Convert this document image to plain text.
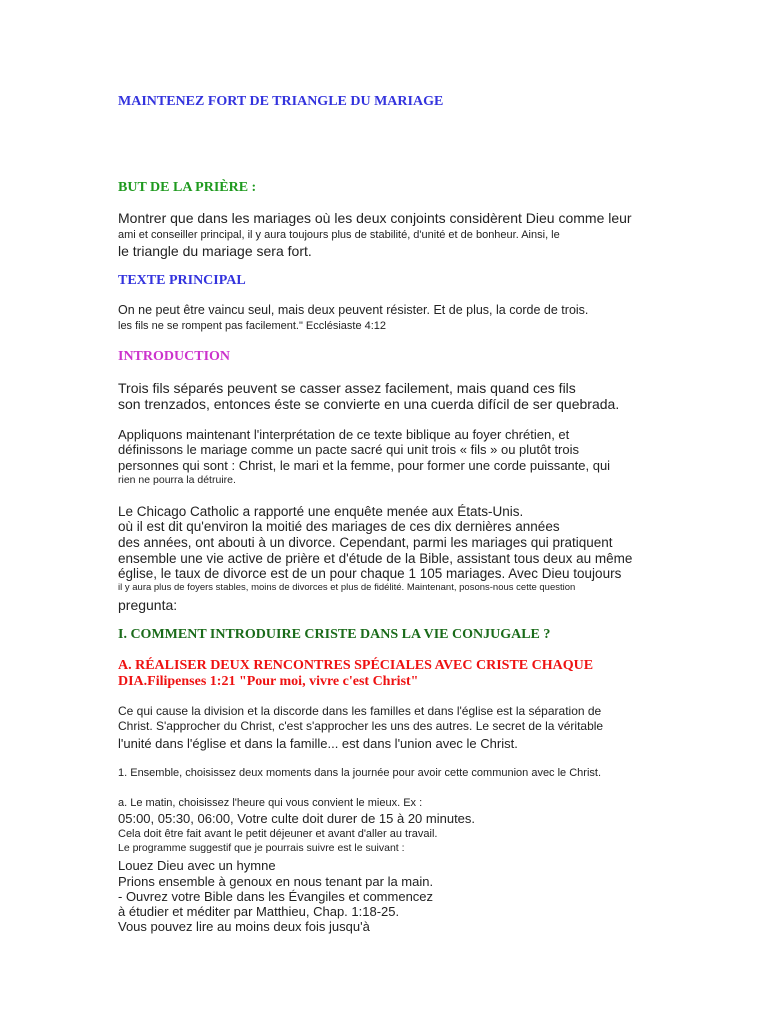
MAINTENEZ FORT DE TRIANGLE DU MARIAGE

BUT DE LA PRIÈRE :

Montrer que dans les mariages où les deux conjoints considèrent Dieu comme leur

ami et conseiller principal, il y aura toujours plus de stabilité, d'unité et de bonheur. Ainsi, le

le triangle du mariage sera fort.

TEXTE PRINCIPAL

On ne peut être vaincu seul, mais deux peuvent résister. Et de plus, la corde de trois.

les fils ne se rompent pas facilement." Ecclésiaste 4:12

INTRODUCTION

Trois fils séparés peuvent se casser assez facilement, mais quand ces fils

son trenzados, entonces éste se convierte en una cuerda difícil de ser quebrada.

Appliquons maintenant l'interprétation de ce texte biblique au foyer chrétien, et

définissons le mariage comme un pacte sacré qui unit trois « fils » ou plutôt trois

personnes qui sont : Christ, le mari et la femme, pour former une corde puissante, qui

rien ne pourra la détruire.

Le Chicago Catholic a rapporté une enquête menée aux États-Unis.

où il est dit qu'environ la moitié des mariages de ces dix dernières années

des années, ont abouti à un divorce. Cependant, parmi les mariages qui pratiquent

ensemble une vie active de prière et d'étude de la Bible, assistant tous deux au même

église, le taux de divorce est de un pour chaque 1 105 mariages. Avec Dieu toujours

il y aura plus de foyers stables, moins de divorces et plus de fidélité. Maintenant, posons-nous cette question

pregunta:

I. COMMENT INTRODUIRE CRISTE DANS LA VIE CONJUGALE ?

A. RÉALISER DEUX RENCONTRES SPÉCIALES AVEC CRISTE CHAQUE

DIA.Filipenses 1:21 "Pour moi, vivre c'est Christ"

Ce qui cause la division et la discorde dans les familles et dans l'église est la séparation de

Christ. S'approcher du Christ, c'est s'approcher les uns des autres. Le secret de la véritable

l'unité dans l'église et dans la famille... est dans l'union avec le Christ.

1. Ensemble, choisissez deux moments dans la journée pour avoir cette communion avec le Christ.

a. Le matin, choisissez l'heure qui vous convient le mieux. Ex :

05:00, 05:30, 06:00, Votre culte doit durer de 15 à 20 minutes.

Cela doit être fait avant le petit déjeuner et avant d'aller au travail.

Le programme suggestif que je pourrais suivre est le suivant :

Louez Dieu avec un hymne

Prions ensemble à genoux en nous tenant par la main.

- Ouvrez votre Bible dans les Évangiles et commencez

à étudier et méditer par Matthieu, Chap. 1:18-25.

Vous pouvez lire au moins deux fois jusqu'à
